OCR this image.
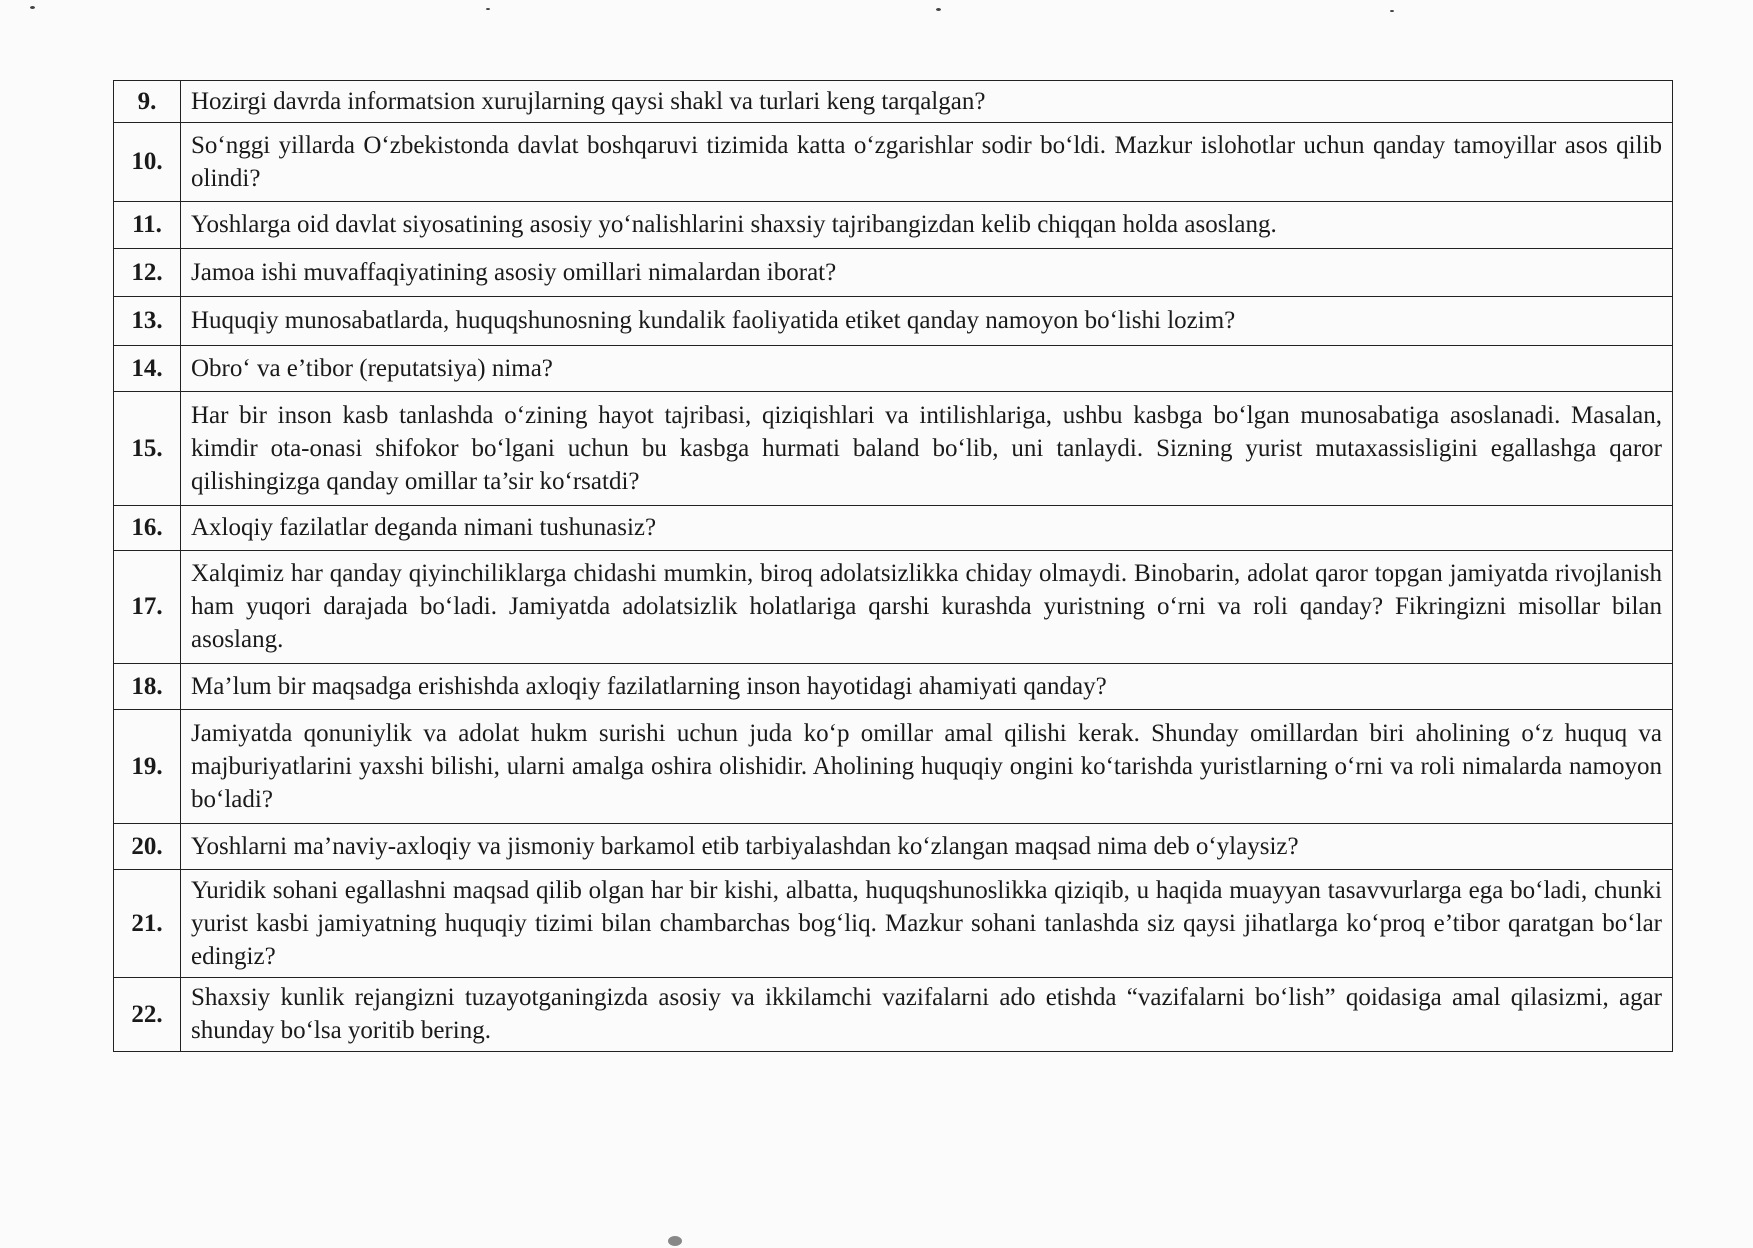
9.	Hozirgi davrda informatsion xurujlarning qaysi shakl va turlari keng tarqalgan?
10.	So‘nggi yillarda O‘zbekistonda davlat boshqaruvi tizimida katta o‘zgarishlar sodir bo‘ldi. Mazkur islohotlar uchun qanday tamoyillar asos qilib olindi?
11.	Yoshlarga oid davlat siyosatining asosiy yo‘nalishlarini shaxsiy tajribangizdan kelib chiqqan holda asoslang.
12.	Jamoa ishi muvaffaqiyatining asosiy omillari nimalardan iborat?
13.	Huquqiy munosabatlarda, huquqshunosning kundalik faoliyatida etiket qanday namoyon bo‘lishi lozim?
14.	Obro‘ va e’tibor (reputatsiya) nima?
15.	Har bir inson kasb tanlashda o‘zining hayot tajribasi, qiziqishlari va intilishlariga, ushbu kasbga bo‘lgan munosabatiga asoslanadi. Masalan, kimdir ota-onasi shifokor bo‘lgani uchun bu kasbga hurmati baland bo‘lib, uni tanlaydi. Sizning yurist mutaxassisligini egallashga qaror qilishingizga qanday omillar ta’sir ko‘rsatdi?
16.	Axloqiy fazilatlar deganda nimani tushunasiz?
17.	Xalqimiz har qanday qiyinchiliklarga chidashi mumkin, biroq adolatsizlikka chiday olmaydi. Binobarin, adolat qaror topgan jamiyatda rivojlanish ham yuqori darajada bo‘ladi. Jamiyatda adolatsizlik holatlariga qarshi kurashda yuristning o‘rni va roli qanday? Fikringizni misollar bilan asoslang.
18.	Ma’lum bir maqsadga erishishda axloqiy fazilatlarning inson hayotidagi ahamiyati qanday?
19.	Jamiyatda qonuniylik va adolat hukm surishi uchun juda ko‘p omillar amal qilishi kerak. Shunday omillardan biri aholining o‘z huquq va majburiyatlarini yaxshi bilishi, ularni amalga oshira olishidir. Aholining huquqiy ongini ko‘tarishda yuristlarning o‘rni va roli nimalarda namoyon bo‘ladi?
20.	Yoshlarni ma’naviy-axloqiy va jismoniy barkamol etib tarbiyalashdan ko‘zlangan maqsad nima deb o‘ylaysiz?
21.	Yuridik sohani egallashni maqsad qilib olgan har bir kishi, albatta, huquqshunoslikka qiziqib, u haqida muayyan tasavvurlarga ega bo‘ladi, chunki yurist kasbi jamiyatning huquqiy tizimi bilan chambarchas bog‘liq. Mazkur sohani tanlashda siz qaysi jihatlarga ko‘proq e’tibor qaratgan bo‘lar edingiz?
22.	Shaxsiy kunlik rejangizni tuzayotganingizda asosiy va ikkilamchi vazifalarni ado etishda “vazifalarni bo‘lish” qoidasiga amal qilasizmi, agar shunday bo‘lsa yoritib bering.
